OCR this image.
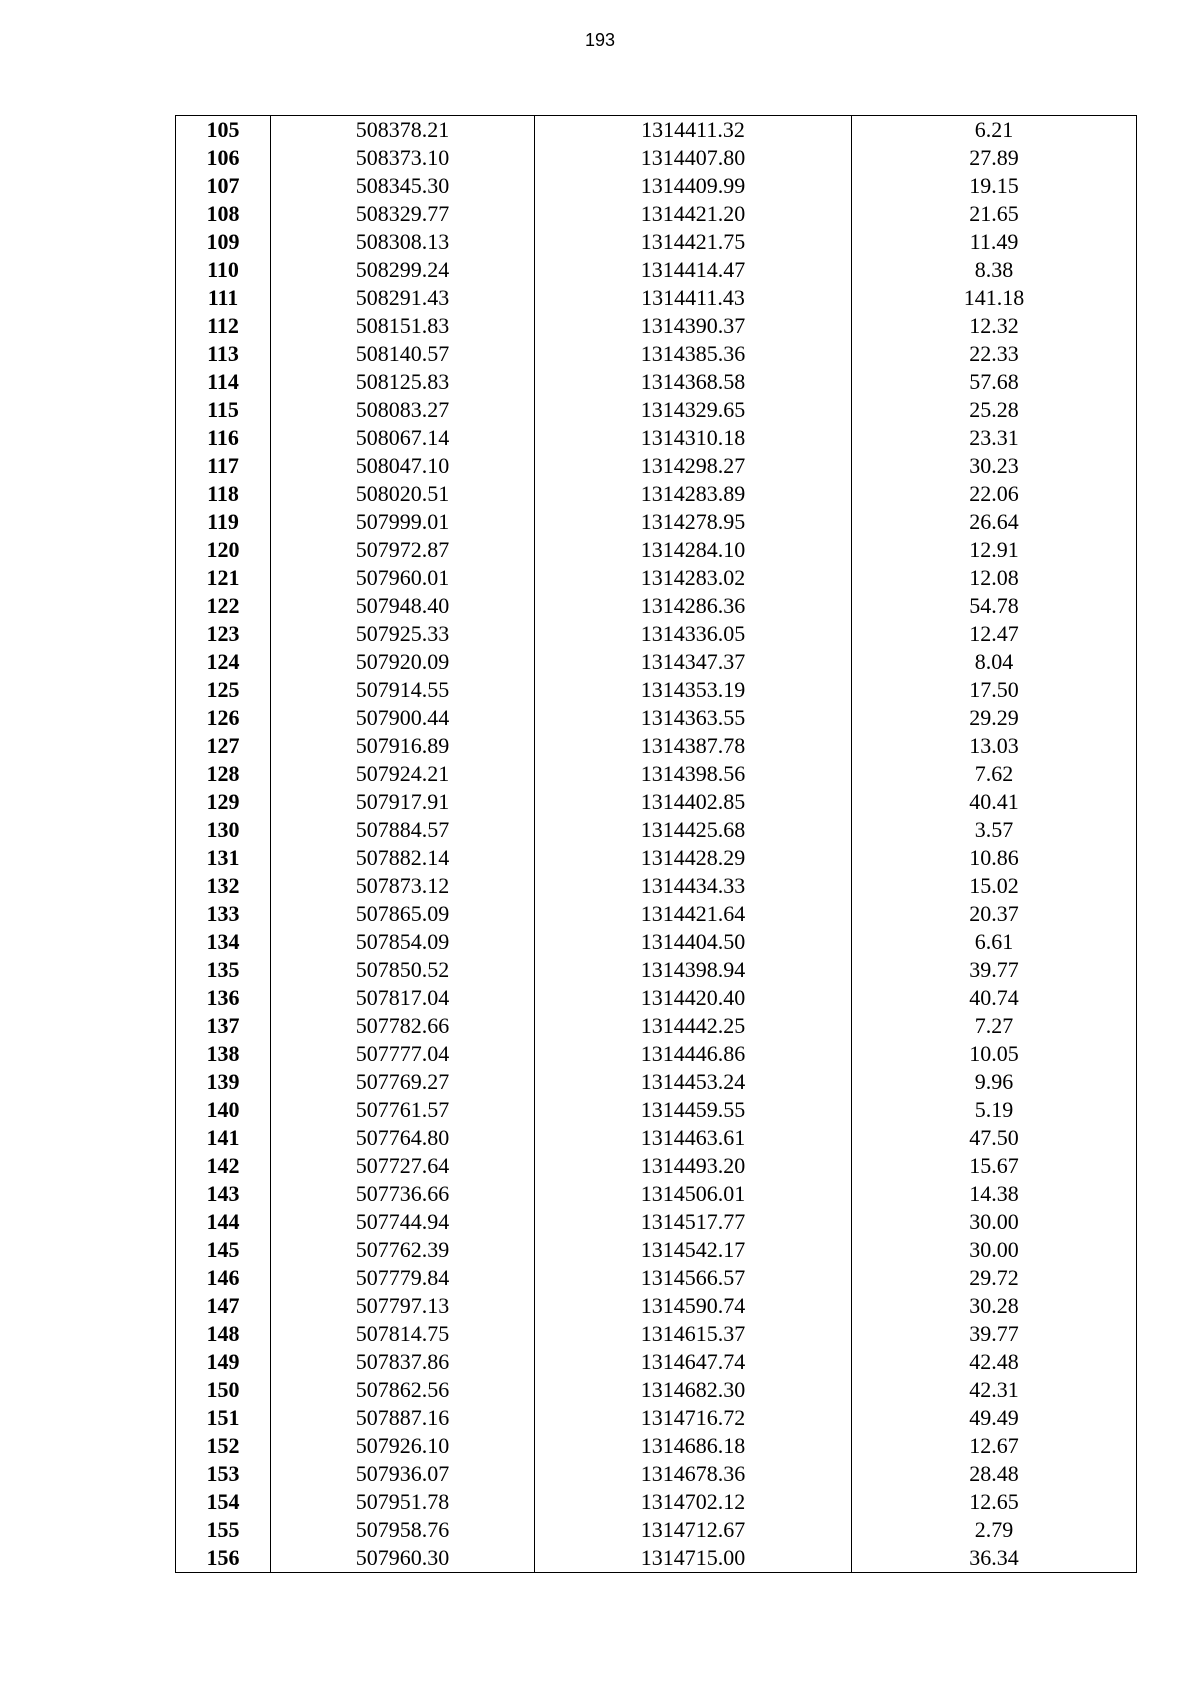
193
105	508378.21	1314411.32	6.21
106	508373.10	1314407.80	27.89
107	508345.30	1314409.99	19.15
108	508329.77	1314421.20	21.65
109	508308.13	1314421.75	11.49
110	508299.24	1314414.47	8.38
111	508291.43	1314411.43	141.18
112	508151.83	1314390.37	12.32
113	508140.57	1314385.36	22.33
114	508125.83	1314368.58	57.68
115	508083.27	1314329.65	25.28
116	508067.14	1314310.18	23.31
117	508047.10	1314298.27	30.23
118	508020.51	1314283.89	22.06
119	507999.01	1314278.95	26.64
120	507972.87	1314284.10	12.91
121	507960.01	1314283.02	12.08
122	507948.40	1314286.36	54.78
123	507925.33	1314336.05	12.47
124	507920.09	1314347.37	8.04
125	507914.55	1314353.19	17.50
126	507900.44	1314363.55	29.29
127	507916.89	1314387.78	13.03
128	507924.21	1314398.56	7.62
129	507917.91	1314402.85	40.41
130	507884.57	1314425.68	3.57
131	507882.14	1314428.29	10.86
132	507873.12	1314434.33	15.02
133	507865.09	1314421.64	20.37
134	507854.09	1314404.50	6.61
135	507850.52	1314398.94	39.77
136	507817.04	1314420.40	40.74
137	507782.66	1314442.25	7.27
138	507777.04	1314446.86	10.05
139	507769.27	1314453.24	9.96
140	507761.57	1314459.55	5.19
141	507764.80	1314463.61	47.50
142	507727.64	1314493.20	15.67
143	507736.66	1314506.01	14.38
144	507744.94	1314517.77	30.00
145	507762.39	1314542.17	30.00
146	507779.84	1314566.57	29.72
147	507797.13	1314590.74	30.28
148	507814.75	1314615.37	39.77
149	507837.86	1314647.74	42.48
150	507862.56	1314682.30	42.31
151	507887.16	1314716.72	49.49
152	507926.10	1314686.18	12.67
153	507936.07	1314678.36	28.48
154	507951.78	1314702.12	12.65
155	507958.76	1314712.67	2.79
156	507960.30	1314715.00	36.34
